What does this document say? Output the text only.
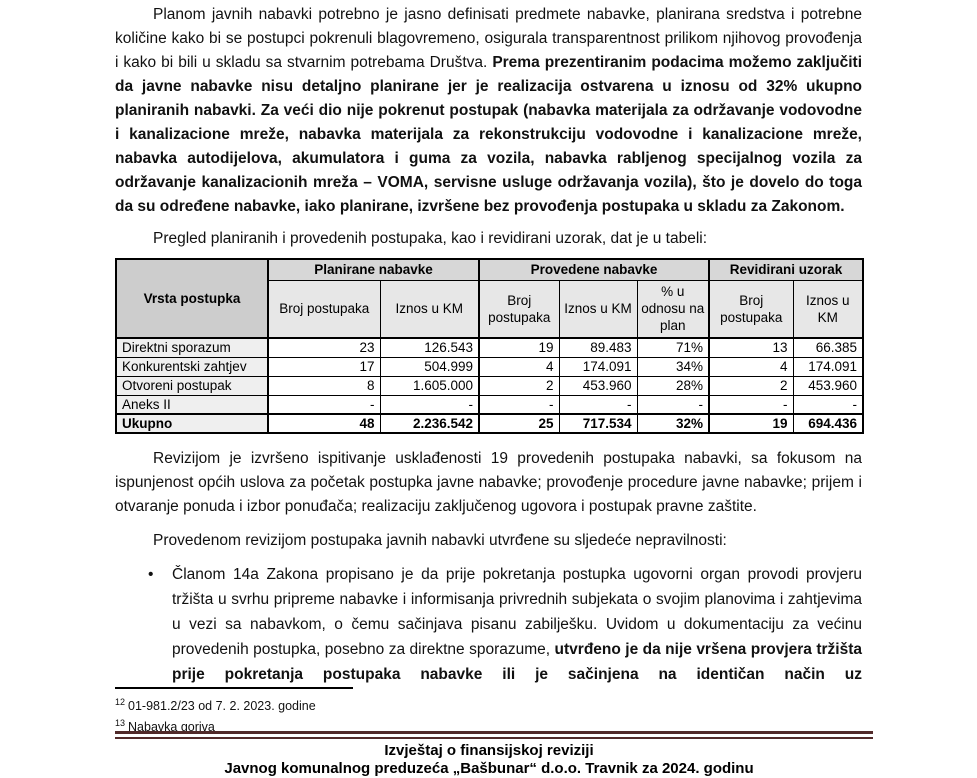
Planom javnih nabavki potrebno je jasno definisati predmete nabavke, planirana sredstva i potrebne količine kako bi se postupci pokrenuli blagovremeno, osigurala transparentnost prilikom njihovog provođenja i kako bi bili u skladu sa stvarnim potrebama Društva. Prema prezentiranim podacima možemo zaključiti da javne nabavke nisu detaljno planirane jer je realizacija ostvarena u iznosu od 32% ukupno planiranih nabavki. Za veći dio nije pokrenut postupak (nabavka materijala za održavanje vodovodne i kanalizacione mreže, nabavka materijala za rekonstrukciju vodovodne i kanalizacione mreže, nabavka autodijelova, akumulatora i guma za vozila, nabavka rabljenog specijalnog vozila za održavanje kanalizacionih mreža – VOMA, servisne usluge održavanja vozila), što je dovelo do toga da su određene nabavke, iako planirane, izvršene bez provođenja postupaka u skladu za Zakonom.

Pregled planiranih i provedenih postupaka, kao i revidirani uzorak, dat je u tabeli:

Vrsta postupka	Planirane nabavke		Provedene nabavke			Revidirani uzorak	
	Broj postupaka	Iznos u KM	Broj postupaka	Iznos u KM	% u odnosu na plan	Broj postupaka	Iznos u KM
Direktni sporazum	23	126.543	19	89.483	71%	13	66.385
Konkurentski zahtjev	17	504.999	4	174.091	34%	4	174.091
Otvoreni postupak	8	1.605.000	2	453.960	28%	2	453.960
Aneks II	-	-	-	-	-	-	-
Ukupno	48	2.236.542	25	717.534	32%	19	694.436

Revizijom je izvršeno ispitivanje usklađenosti 19 provedenih postupaka nabavki, sa fokusom na ispunjenost općih uslova za početak postupka javne nabavke; provođenje procedure javne nabavke; prijem i otvaranje ponuda i izbor ponuđača; realizaciju zaključenog ugovora i postupak pravne zaštite.

Provedenom revizijom postupaka javnih nabavki utvrđene su sljedeće nepravilnosti:

•	Članom 14a Zakona propisano je da prije pokretanja postupka ugovorni organ provodi provjeru tržišta u svrhu pripreme nabavke i informisanja privrednih subjekata o svojim planovima i zahtjevima u vezi sa nabavkom, o čemu sačinjava pisanu zabilješku. Uvidom u dokumentaciju za većinu provedenih postupka, posebno za direktne sporazume, utvrđeno je da nije vršena provjera tržišta prije pokretanja postupaka nabavke ili je sačinjena na identičan način uz
$^{12}$ 01-981.2/23 od 7. 2. 2023. godine
$^{13}$ Nabavka goriva
Izvještaj o finansijskoj reviziji
Javnog komunalnog preduzeća „Bašbunar“ d.o.o. Travnik za 2024. godinu
